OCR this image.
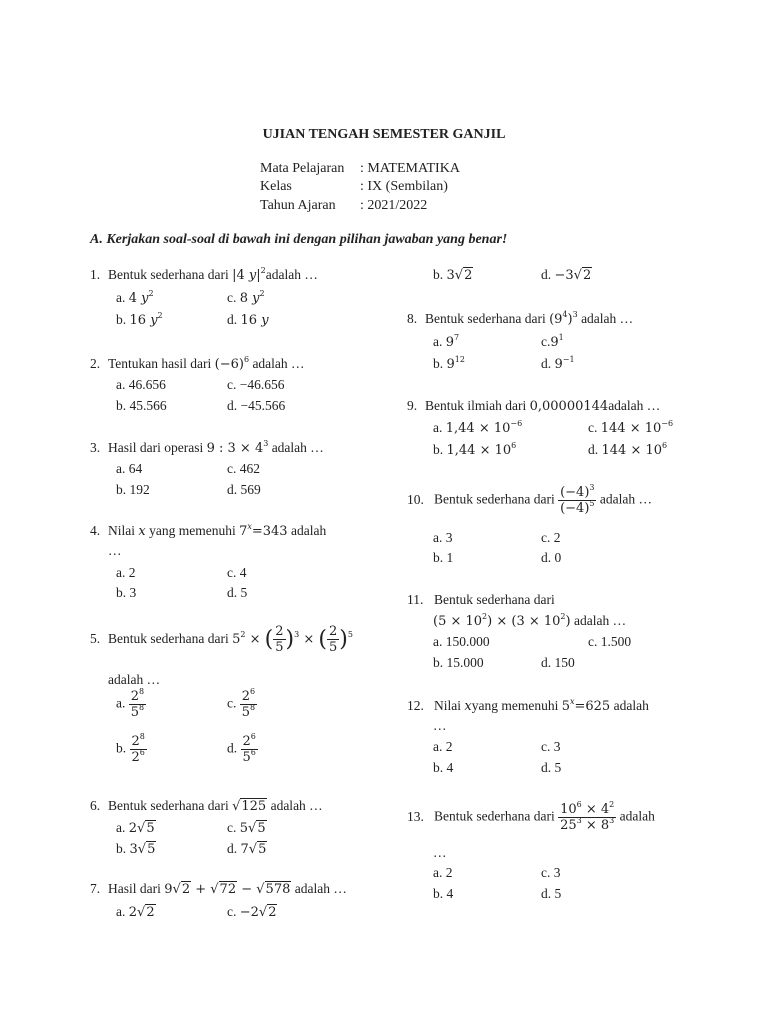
UJIAN TENGAH SEMESTER GANJIL
Mata Pelajaran : MATEMATIKA
Kelas	: IX (Sembilan)
Tahun Ajaran : 2021/2022
A. Kerjakan soal-soal di bawah ini dengan pilihan jawaban yang benar!
1. Bentuk sederhana dari |4 $y|^2adalah$ …
a. 4 $y^2$	c. 8 $y^2$
b. 16 $y^2$	d. 16 y
2. Tentukan hasil dari $(-6)^6$ adalah …
a. 46.656	c. −46.656
b. 45.566	d. −45.566
3. Hasil dari operasi 9 : $3 \times 4^3$ adalah …
a. 64	c. 462
b. 192	d. 569
4. Nilai x yang memenuhi $7^x=343$ adalah
…
a. 2	c. 4
b. 3	d. 5
5. Bentuk sederhana dari $5^2$ × ( $\frac{2}{5} )^3$ × ( $\frac{2}{5} )^5$
adalah …
a. $\frac{2^8}{5^8}$	c. $\frac{2^6}{5^8}$
b. $\frac{2^8}{2^6}$	d. $\frac{2^6}{5^6}$
6. Bentuk sederhana dari √125 adalah …
a. 2√5	c. 5√5
b. 3√5	d. 7√5
7. Hasil dari 9√2 + √72 − √578 adalah …
a. 2√2	c. −2√2
b. 3√2	d. −3√2
8. Bentuk sederhana dari $(9^4)^3$ adalah …
a. $9^7$	$c.9^1$
b. $9^{12}$	d. $9^{-1}$
9. Bentuk ilmiah dari 0,00000144adalah …
a. $1,44 \times 10^{-6}$	c. $144 \times 10^{-6}$
b. $1,44 \times 10^6$	d. $144 \times 10^6$
10. Bentuk sederhana dari $\frac{(-4)^3}{(-4)^5}$ adalah …
a. 3	c. 2
b. 1	d. 0
11. Bentuk sederhana dari
$(5 \times 10^2) \times (3 \times 10^2)$ adalah …
a. 150.000	c. 1.500
b. 15.000	d. 150
12. Nilai xyang memenuhi $5^x=625$ adalah
…
a. 2	c. 3
b. 4	d. 5
13. Bentuk sederhana dari $\frac{10^6 \times 4^2}{25^3 \times 8^3}$ adalah
…
a. 2	c. 3
b. 4	d. 5
